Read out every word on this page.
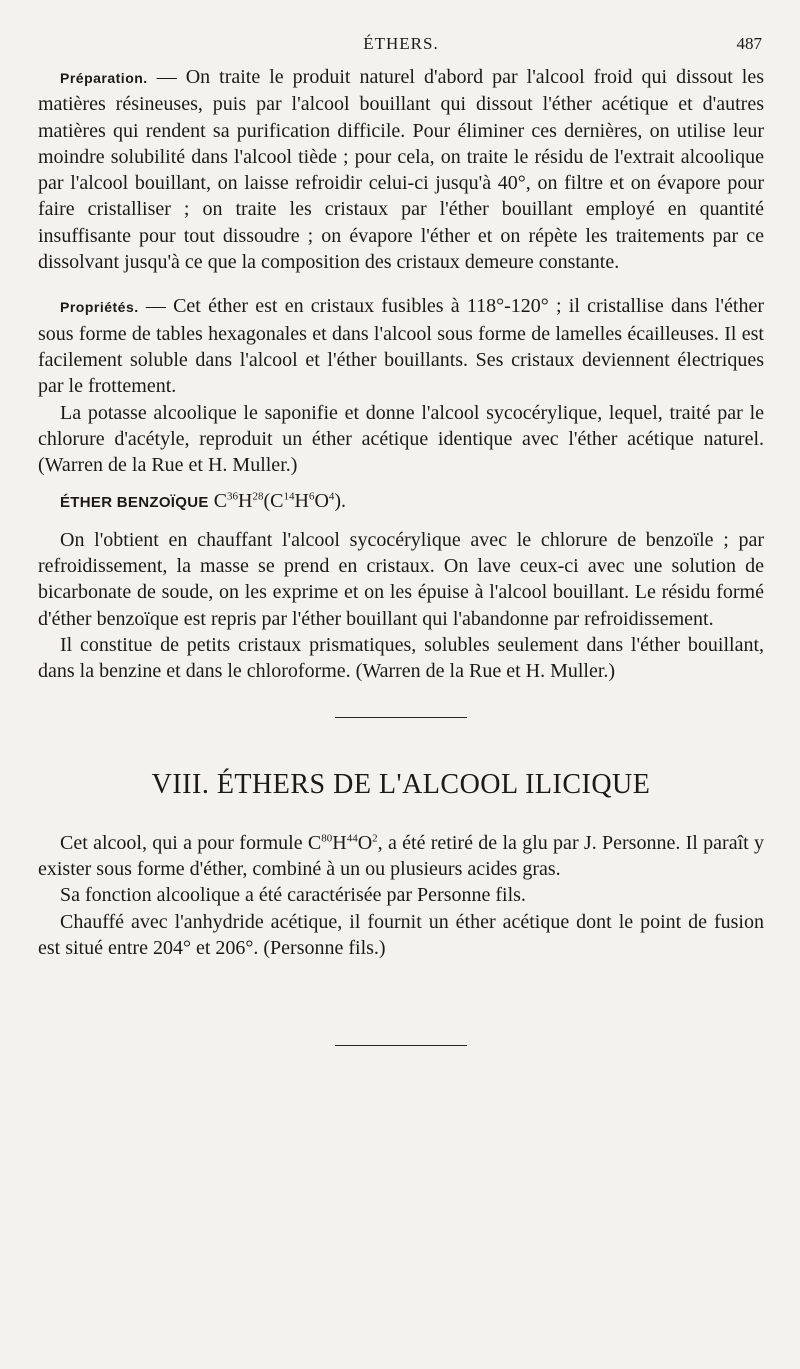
ÉTHERS.	487

Préparation. — On traite le produit naturel d'abord par l'alcool froid qui dissout les matières résineuses, puis par l'alcool bouillant qui dissout l'éther acétique et d'autres matières qui rendent sa purification difficile. Pour éliminer ces dernières, on utilise leur moindre solubilité dans l'alcool tiède ; pour cela, on traite le résidu de l'extrait alcoolique par l'alcool bouillant, on laisse refroidir celui-ci jusqu'à 40°, on filtre et on évapore pour faire cristalliser ; on traite les cristaux par l'éther bouillant employé en quantité insuffisante pour tout dissoudre ; on évapore l'éther et on répète les traitements par ce dissolvant jusqu'à ce que la composition des cristaux demeure constante.

Propriétés. — Cet éther est en cristaux fusibles à 118°-120° ; il cristallise dans l'éther sous forme de tables hexagonales et dans l'alcool sous forme de lamelles écailleuses. Il est facilement soluble dans l'alcool et l'éther bouillants. Ses cristaux deviennent électriques par le frottement.

La potasse alcoolique le saponifie et donne l'alcool sycocérylique, lequel, traité par le chlorure d'acétyle, reproduit un éther acétique identique avec l'éther acétique naturel. (Warren de la Rue et H. Muller.)

ÉTHER BENZOÏQUE $C^{36}H^{28}(C^{14}H^6O^4)$.

On l'obtient en chauffant l'alcool sycocérylique avec le chlorure de benzoïle ; par refroidissement, la masse se prend en cristaux. On lave ceux-ci avec une solution de bicarbonate de soude, on les exprime et on les épuise à l'alcool bouillant. Le résidu formé d'éther benzoïque est repris par l'éther bouillant qui l'abandonne par refroidissement.

Il constitue de petits cristaux prismatiques, solubles seulement dans l'éther bouillant, dans la benzine et dans le chloroforme. (Warren de la Rue et H. Muller.)

VIII. ÉTHERS DE L'ALCOOL ILICIQUE

Cet alcool, qui a pour formule $C^{80}H^{44}O^2$, a été retiré de la glu par J. Personne. Il paraît y exister sous forme d'éther, combiné à un ou plusieurs acides gras.

Sa fonction alcoolique a été caractérisée par Personne fils.

Chauffé avec l'anhydride acétique, il fournit un éther acétique dont le point de fusion est situé entre 204° et 206°. (Personne fils.)
